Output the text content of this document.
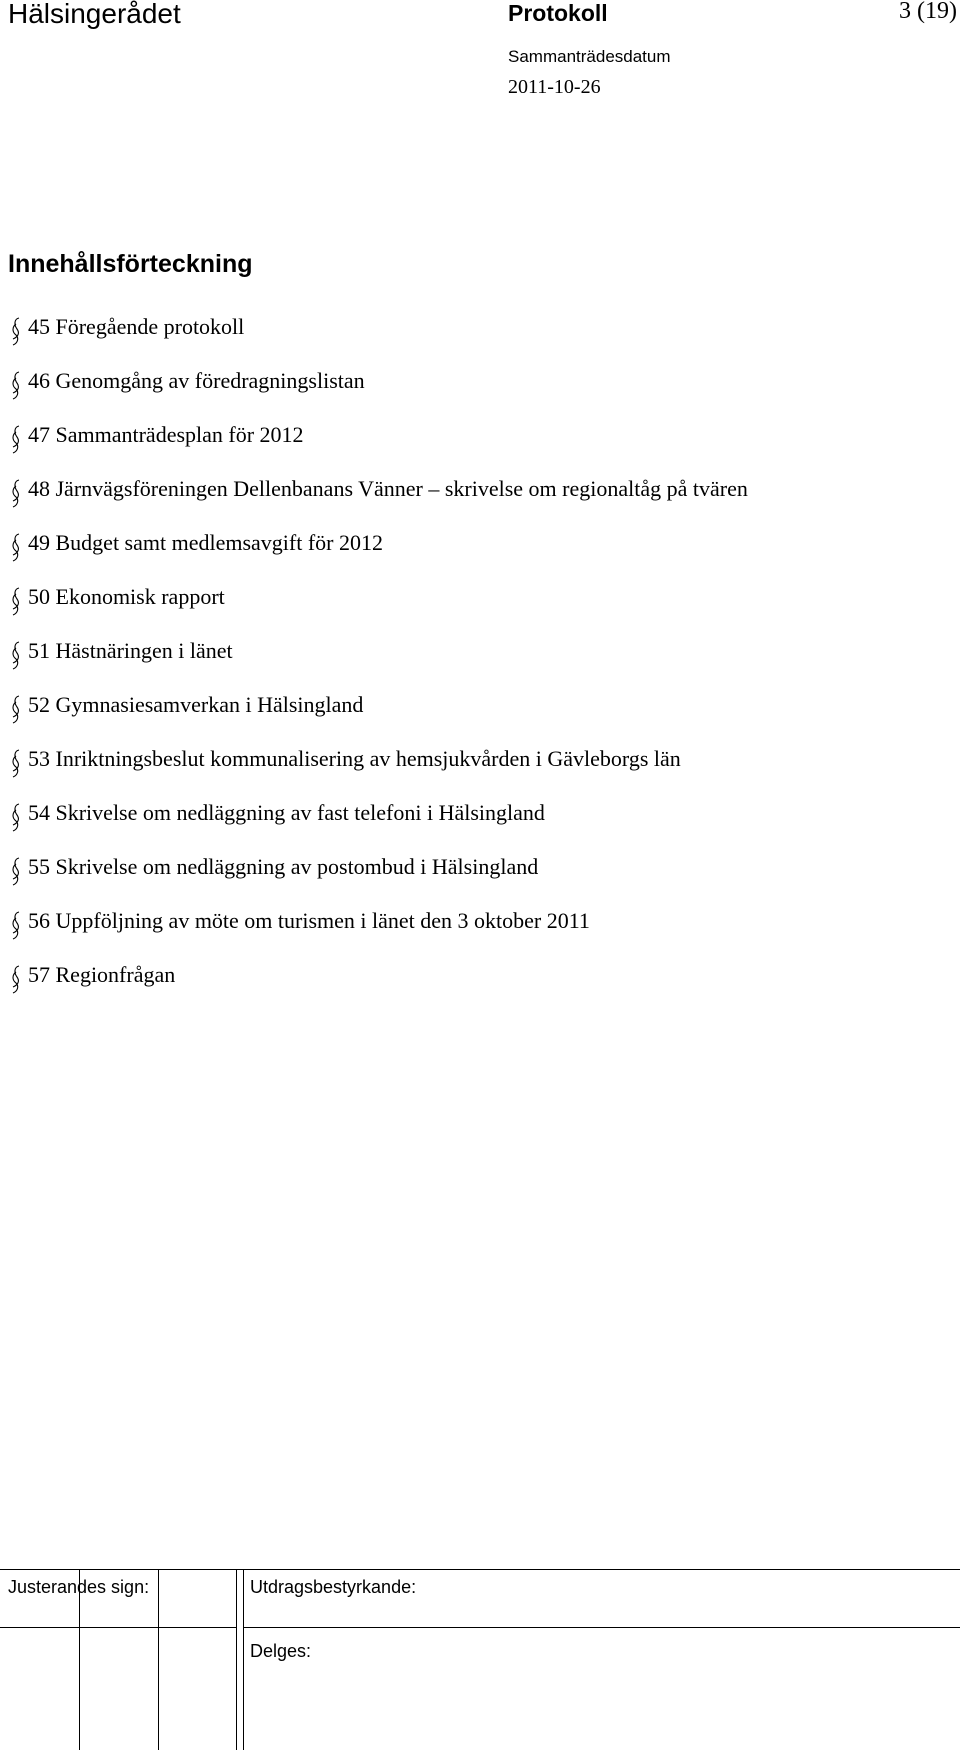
Hälsingerådet	Protokoll	3 (19)
Sammanträdesdatum
2011-10-26
Innehållsförteckning
45 Föregående protokoll
46 Genomgång av föredragningslistan
47 Sammanträdesplan för 2012
48 Järnvägsföreningen Dellenbanans Vänner – skrivelse om regionaltåg på tvären
49 Budget samt medlemsavgift för 2012
50 Ekonomisk rapport
51 Hästnäringen i länet
52 Gymnasiesamverkan i Hälsingland
53 Inriktningsbeslut kommunalisering av hemsjukvården i Gävleborgs län
54 Skrivelse om nedläggning av fast telefoni i Hälsingland
55 Skrivelse om nedläggning av postombud i Hälsingland
56 Uppföljning av möte om turismen i länet den 3 oktober 2011
57 Regionfrågan
Justerandes sign:	Utdragsbestyrkande:
Delges:
